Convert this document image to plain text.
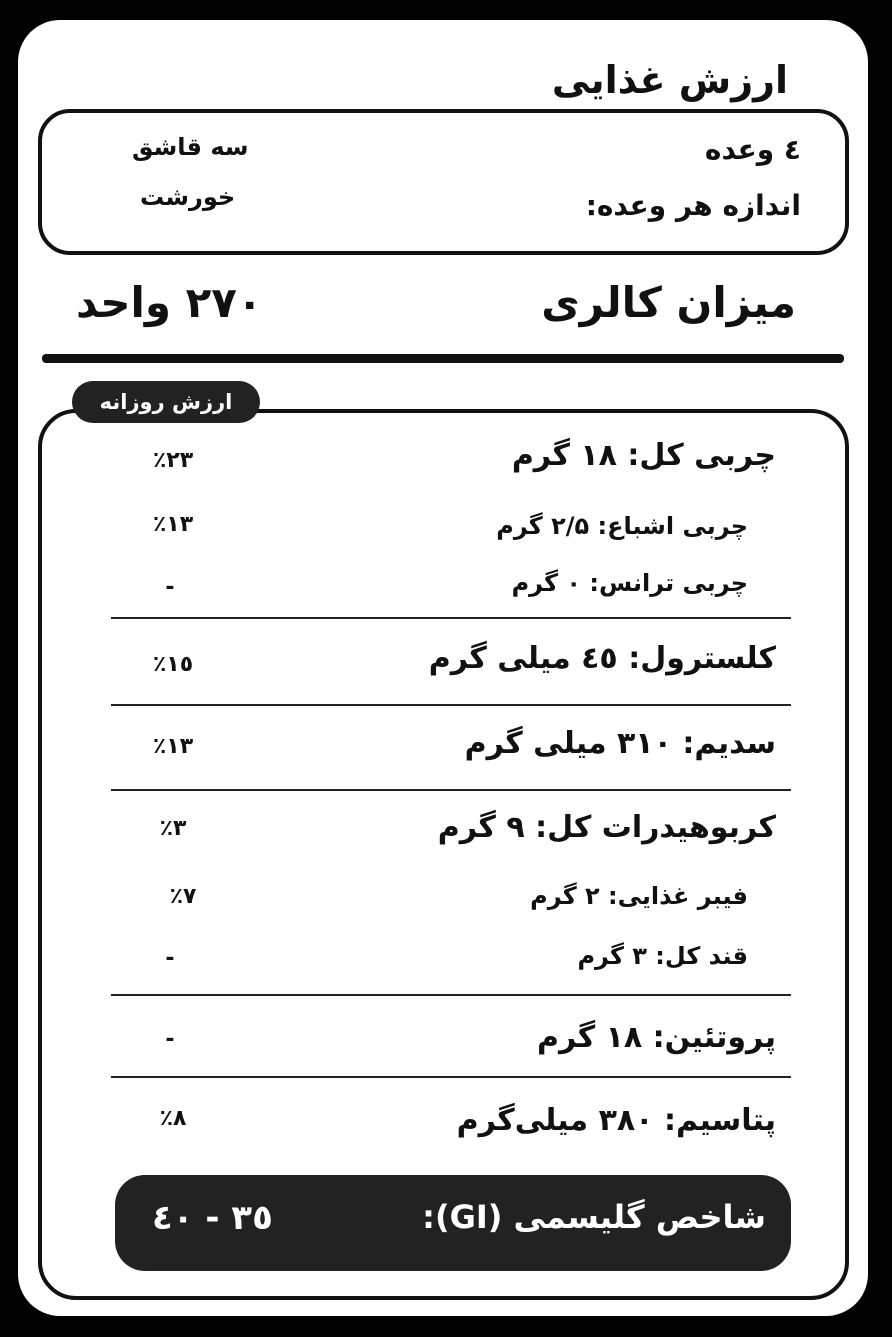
ارزش غذایی
٤ وعده
اندازه هر وعده:
سه قاشق
خورشت
میزان کالری
۲۷۰ واحد
ارزش روزانه
چربی کل: ۱۸ گرم
٪۲۳
چربی اشباع: ۲/۵ گرم
٪۱۳
چربی ترانس: ۰ گرم
-
کلسترول: ٤٥ میلی گرم
٪۱٥
سدیم: ۳۱۰ میلی گرم
٪۱۳
کربوهیدرات کل: ۹ گرم
٪۳
فیبر غذایی: ۲ گرم
٪۷
قند کل: ۳ گرم
-
پروتئین: ۱۸ گرم
-
پتاسیم: ۳۸۰ میلی‌گرم
٪۸
شاخص گلیسمی (GI):
٤۰ - ۳٥
